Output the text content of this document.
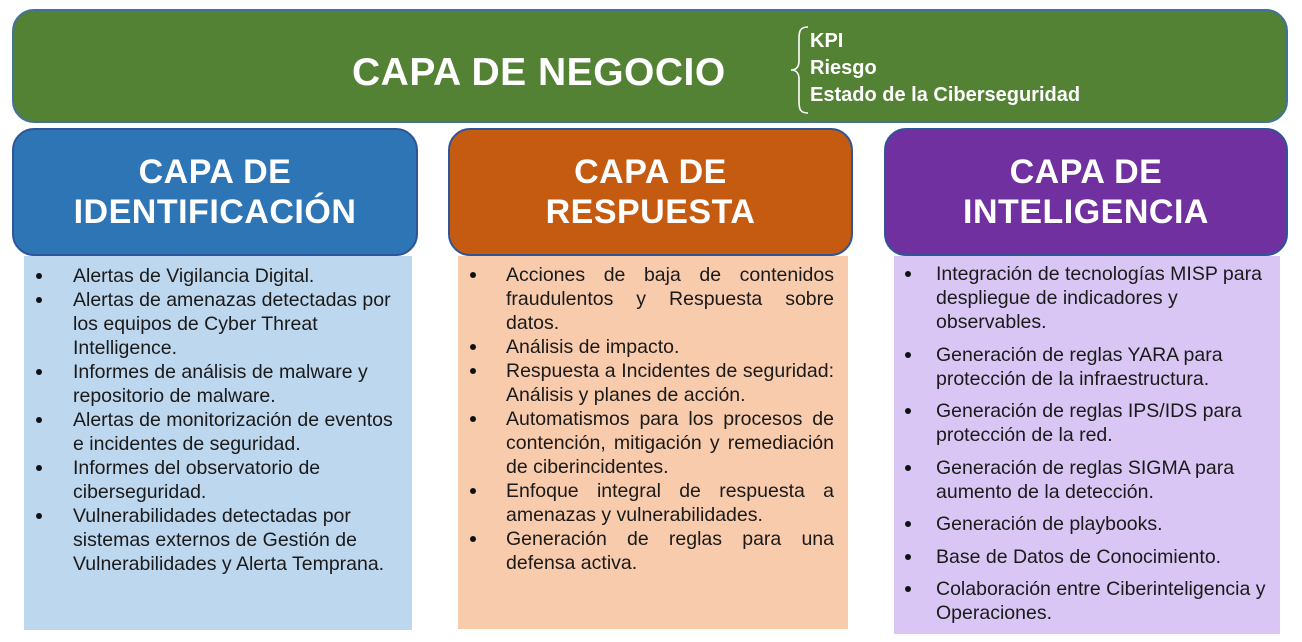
CAPA DE NEGOCIO
KPI
Riesgo
Estado de la Ciberseguridad
CAPA DE
IDENTIFICACIÓN
CAPA DE
RESPUESTA
CAPA DE
INTELIGENCIA
Alertas de Vigilancia Digital.
Alertas de amenazas detectadas por los equipos de Cyber Threat Intelligence.
Informes de análisis de malware y repositorio de malware.
Alertas de monitorización de eventos e incidentes de seguridad.
Informes del observatorio de ciberseguridad.
Vulnerabilidades detectadas por sistemas externos de Gestión de Vulnerabilidades y Alerta Temprana.
Acciones de baja de contenidos fraudulentos y Respuesta sobre datos.
Análisis de impacto.
Respuesta a Incidentes de seguridad: Análisis y planes de acción.
Automatismos para los procesos de contención, mitigación y remediación de ciberincidentes.
Enfoque integral de respuesta a amenazas y vulnerabilidades.
Generación de reglas para una defensa activa.
Integración de tecnologías MISP para despliegue de indicadores y observables.
Generación de reglas YARA para protección de la infraestructura.
Generación de reglas IPS/IDS para protección de la red.
Generación de reglas SIGMA para aumento de la detección.
Generación de playbooks.
Base de Datos de Conocimiento.
Colaboración entre Ciberinteligencia y Operaciones.
